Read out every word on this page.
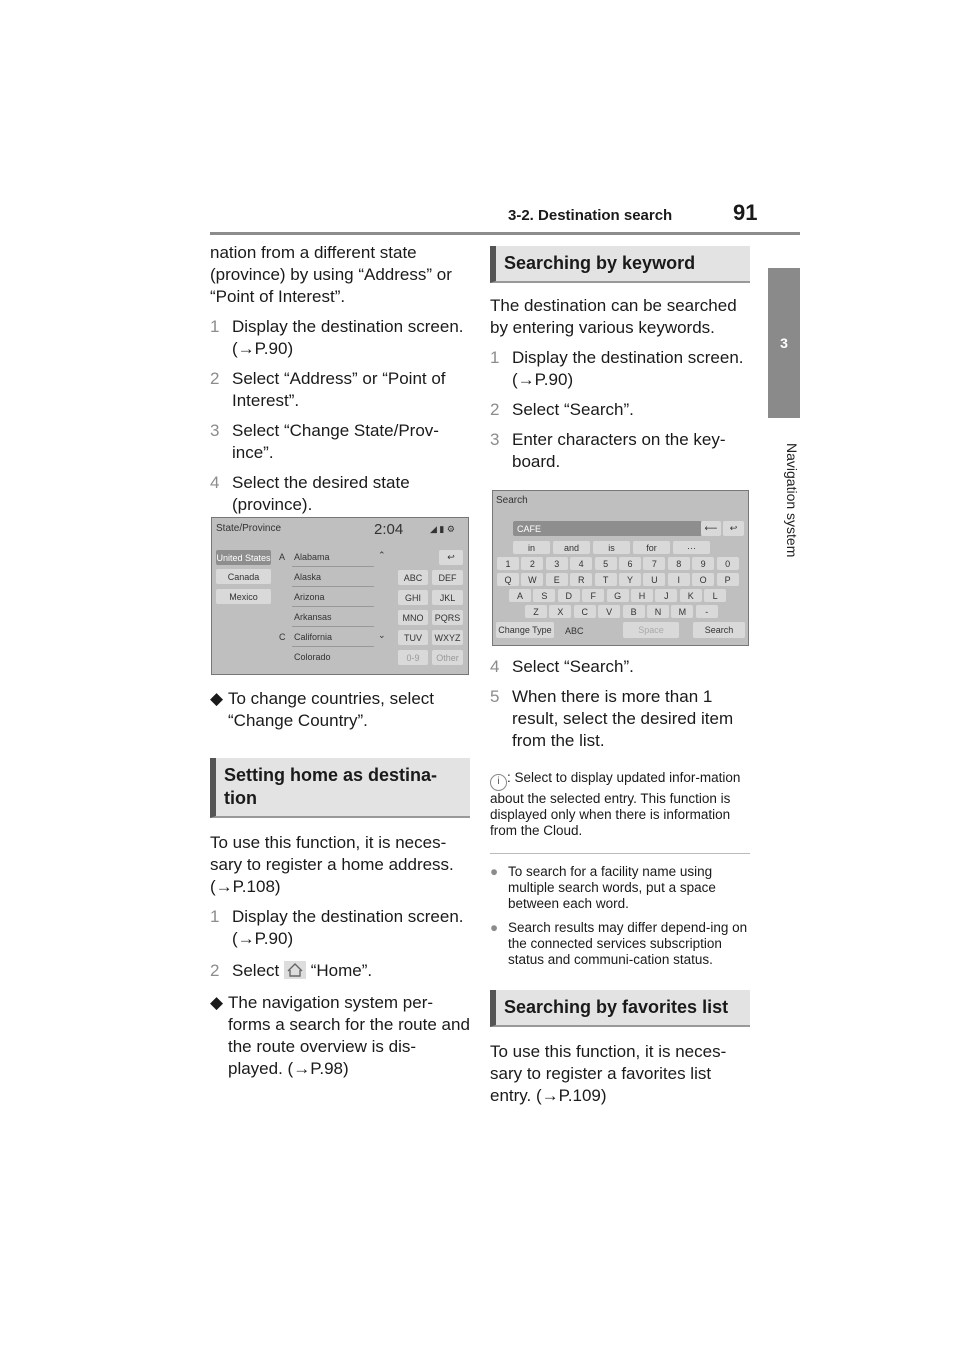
3-2. Destination search	91
3
Navigation system

nation from a different state (province) by using “Address” or “Point of Interest”.

1 Display the destination screen. (→P.90)
2 Select “Address” or “Point of Interest”.
3 Select “Change State/Prov-ince”.
4 Select the desired state (province).
State/Province	2:04	◢ ▮ ⚙
United States
Canada
Mexico
A
C
Alabama
Alaska
Arizona
Arkansas
California
Colorado
⌃
⌄
↩
ABC	DEF
GHI	JKL
MNO	PQRS
TUV	WXYZ
0-9	Other
◆ To change countries, select “Change Country”.
Setting home as destina-tion

To use this function, it is neces-sary to register a home address. (→P.108)

1 Display the destination screen. (→P.90)
2 Select  “Home”.
◆ The navigation system per-forms a search for the route and the route overview is dis-played. (→P.98)
Searching by keyword

The destination can be searched by entering various keywords.

1 Display the destination screen. (→P.90)
2 Select “Search”.
3 Enter characters on the key-board.
Search
CAFE	⟵	↩
in	and	is	for	···
1	2	3	4	5	6	7	8	9	0
Q	W	E	R	T	Y	U	I	O	P
A	S	D	F	G	H	J	K	L
Z	X	C	V	B	N	M	-
Change Type ABC	Space	Search
4 Select “Search”.
5 When there is more than 1 result, select the desired item from the list.
i : Select to display updated infor-mation about the selected entry. This function is displayed only when there is information from the Cloud.
● To search for a facility name using multiple search words, put a space between each word.
● Search results may differ depend-ing on the connected services subscription status and communi-cation status.
Searching by favorites list

To use this function, it is neces-sary to register a favorites list entry. (→P.109)
